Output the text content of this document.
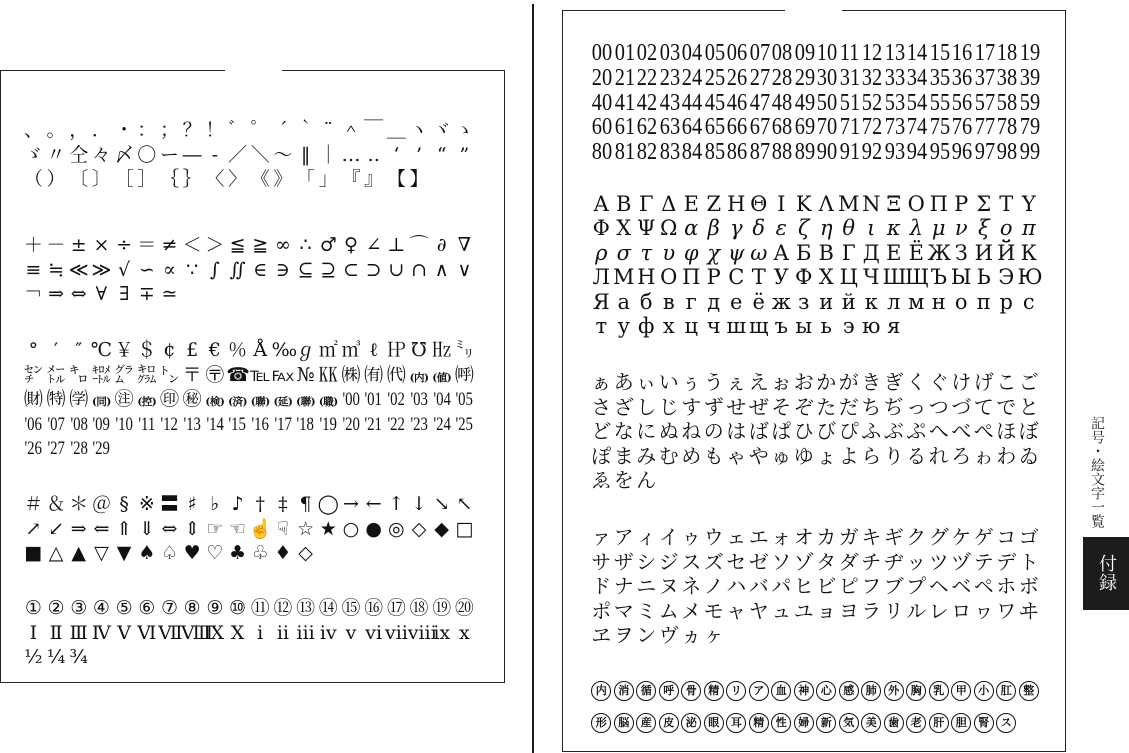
、 。 ， ． ・ ： ； ？ ！ ゛ ゜ ´ ｀ ¨ ＾ ￣ ＿ ヽ ヾ ゝ
ゞ 〃 仝 々 〆 〇 ー ― ‐ ／ ＼ ～ ‖ ｜ … ‥ ‘ ’ “ ”
（ ） 〔 〕 ［ ］ ｛ ｝ 〈 〉 《 》 「 」 『 』 【 】
＋ － ± × ÷ ＝ ≠ ＜ ＞ ≦ ≧ ∞ ∴ ♂ ♀ ∠ ⊥ ⌒ ∂ ∇
≡ ≒ ≪ ≫ √ ∽ ∝ ∵ ∫ ∬ ∈ ∋ ⊆ ⊇ ⊂ ⊃ ∪ ∩ ∧ ∨
￢ ⇒ ⇔ ∀ ∃ ∓ ≃
° ′ ″ ℃ ￥ ＄ ¢ £ € ％ Å ‰ℊ ㎡ ㎥ ℓ ㏋ ℧ ㎐ ㍉
㌢ ㍍ ㌔ ㌖ ㌘ ㌕ ㌧ 〒 〶☎℡℻ № ㏍ ㈱ ㈲ ㈹ (内) (値) ㈺
㈶ ㈵ ㈻ (同) ㊟ (控) ㊞ ㊙ (検) (済) (聯) (延) (聯) (職) '00 '01 '02 '03 '04 '05
'06 '07 '08 '09 '10 '11 '12 '13 '14 '15 '16 '17 '18 '19 '20 '21 '22 '23 '24 '25
'26 '27 '28 '29
＃ ＆ ＊ ＠ § ※ 〓 ♯ ♭ ♪ † ‡ ¶ ◯ → ← ↑ ↓ ↘ ↖
↗ ↙ ⇒ ⇐ ⇑ ⇓ ⇔ ⇕ ☞ ☜ ☝ ☟ ☆ ★ ○ ● ◎ ◇ ◆ □
■ △ ▲ ▽ ▼ ♠ ♤ ♥ ♡ ♣ ♧ ♦ ◇
① ② ③ ④ ⑤ ⑥ ⑦ ⑧ ⑨ ⑩ ⑪ ⑫ ⑬ ⑭ ⑮ ⑯ ⑰ ⑱ ⑲ ⑳
Ⅰ Ⅱ Ⅲ Ⅳ Ⅴ ⅥⅦⅧⅨ Ⅹ ⅰ ⅱ ⅲ ⅳ ⅴ ⅵ ⅶⅷⅸ ⅹ
½ ¼ ¾
000102030405060708091011 1213141516171819
2021222324252627282930313233343536373839
4041424344454647484950515253545556575859
6061626364656667686970717273747576777879
8081828384858687888990919293949596979899
Α Β Γ Δ Ε Ζ Η Θ Ι Κ Λ Μ Ν Ξ Ο Π Ρ Σ Τ Υ
Φ Χ Ψ Ω α β γ δ ε ζ η θ ι κ λ μ ν ξ ο π
ρ σ τ υ φ χ ψ ω А Б В Г Д Е Ё Ж З И Й К
Л М Н О П Р С Т У Ф Х Ц Ч ШЩЪ Ы Ь Э Ю
Я а б в г д е ё ж з и й к л м н о п р с
т у ф х ц ч ш щ ъ ы ь э ю я
ぁ あ ぃ い ぅ う ぇ え ぉ お か が き ぎ く ぐ け げ こ ご
さ ざ し じ す ず せ ぜ そ ぞ た だ ち ぢ っ つ づ て で と
ど な に ぬ ね の は ば ぱ ひ び ぴ ふ ぶ ぷ へ べ ぺ ほ ぼ
ぽ ま み む め も ゃ や ゅ ゆ ょ よ ら り る れ ろ ゎ わ ゐ
ゑ を ん
ァ ア ィ イ ゥ ウ ェ エ ォ オ カ ガ キ ギ ク グ ケ ゲ コ ゴ
サ ザ シ ジ ス ズ セ ゼ ソ ゾ タ ダ チ ヂ ッ ツ ヅ テ デ ト
ド ナ ニ ヌ ネ ノ ハ バ パ ヒ ビ ピ フ ブ プ ヘ ベ ペ ホ ボ
ポ マ ミ ム メ モ ャ ヤ ュ ユ ョ ヨ ラ リ ル レ ロ ヮ ワ ヰ
ヱ ヲ ン ヴ ヵ ヶ
内 消 循 呼 骨 精 リ ア 血 神 心 感 肺 外 胸 乳 甲 小 肛 整
形 脳 産 皮 泌 眼 耳 精 性 婦 新 気 美 歯 老 肝 胆 腎 ス
記号・絵文字一覧
付録
